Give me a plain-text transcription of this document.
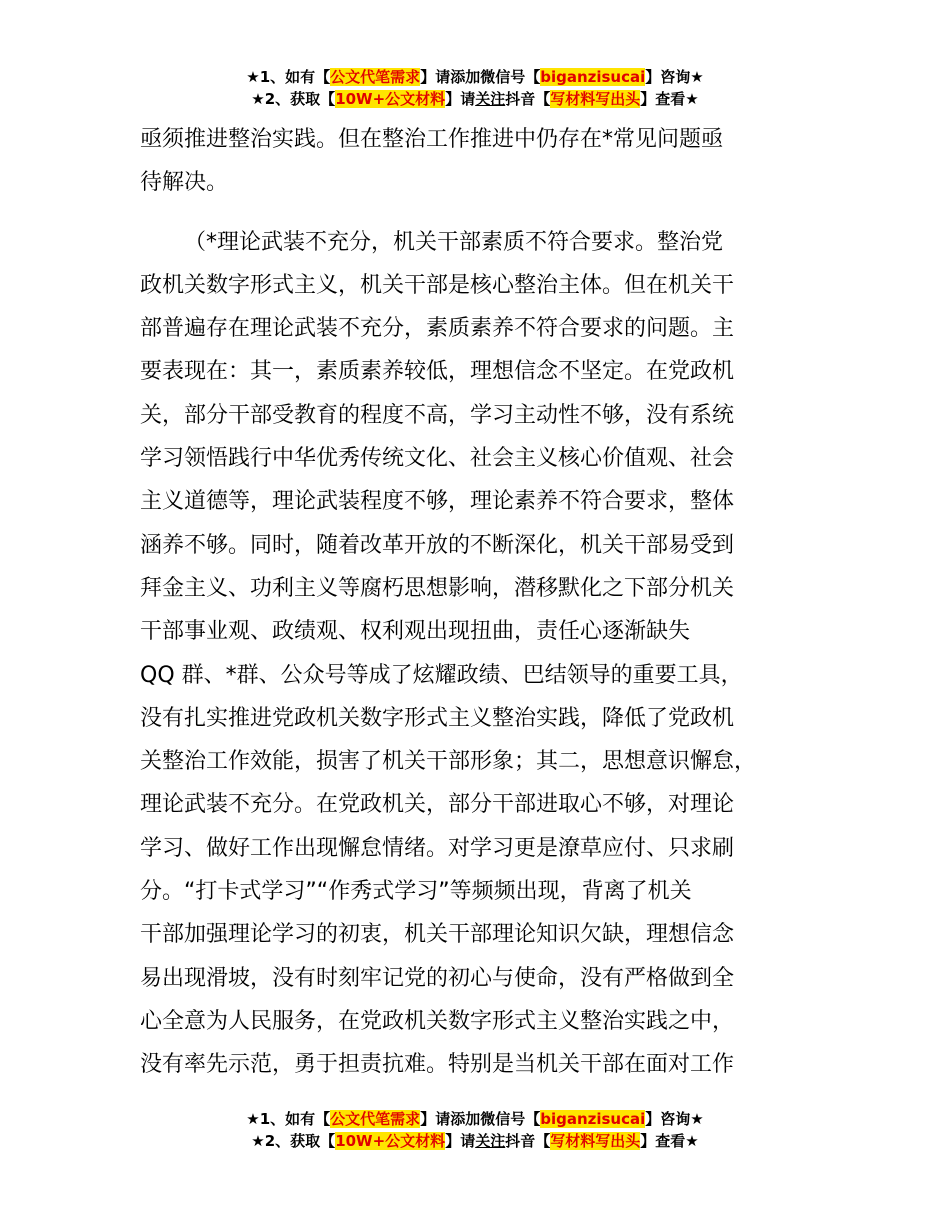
★1、如有【公文代笔需求】请添加微信号【biganzisucai】咨询★
★2、获取【10W+公文材料】请关注抖音【写材料写出头】查看★
亟须推进整治实践。但在整治工作推进中仍存在*常见问题亟
待解决。
（*理论武装不充分，机关干部素质不符合要求。整治党
政机关数字形式主义，机关干部是核心整治主体。但在机关干
部普遍存在理论武装不充分，素质素养不符合要求的问题。主
要表现在：其一，素质素养较低，理想信念不坚定。在党政机
关，部分干部受教育的程度不高，学习主动性不够，没有系统
学习领悟践行中华优秀传统文化、社会主义核心价值观、社会
主义道德等，理论武装程度不够，理论素养不符合要求，整体
涵养不够。同时，随着改革开放的不断深化，机关干部易受到
拜金主义、功利主义等腐朽思想影响，潜移默化之下部分机关
干部事业观、政绩观、权利观出现扭曲，责任心逐渐缺失
QQ 群、*群、公众号等成了炫耀政绩、巴结领导的重要工具，
没有扎实推进党政机关数字形式主义整治实践，降低了党政机
关整治工作效能，损害了机关干部形象；其二，思想意识懈怠，
理论武装不充分。在党政机关，部分干部进取心不够，对理论
学习、做好工作出现懈怠情绪。对学习更是潦草应付、只求刷
分。“打卡式学习”“作秀式学习”等频频出现，背离了机关
干部加强理论学习的初衷，机关干部理论知识欠缺，理想信念
易出现滑坡，没有时刻牢记党的初心与使命，没有严格做到全
心全意为人民服务，在党政机关数字形式主义整治实践之中，
没有率先示范，勇于担责抗难。特别是当机关干部在面对工作
★1、如有【公文代笔需求】请添加微信号【biganzisucai】咨询★
★2、获取【10W+公文材料】请关注抖音【写材料写出头】查看★
